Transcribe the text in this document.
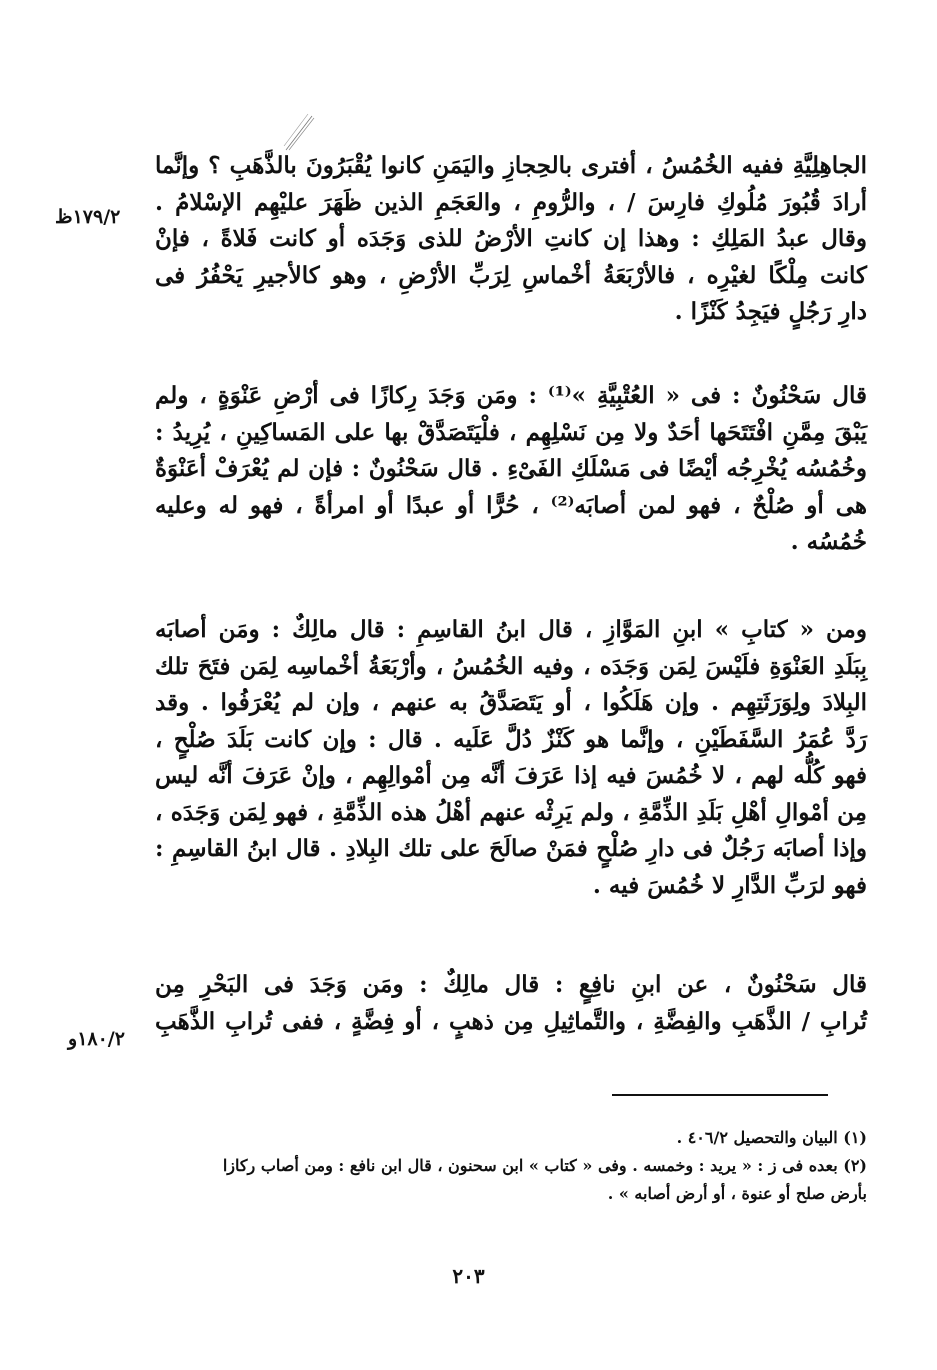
الجاهِلِيَّةِ ففيه الخُمُسُ ، أفترى بالحِجازِ واليَمَنِ كانوا يُقْبَرُونَ بالذَّهَبِ ؟ وإنَّما
أرادَ قُبُورَ مُلُوكِ فارِسَ / ، والرُّومِ ، والعَجَمِ الذين ظَهَرَ عليْهِم الإسْلامُ .
وقال عبدُ المَلِكِ : وهذا إن كانتِ الأرْضُ للذى وَجَدَه أو كانت فَلاةً ، فإنْ
كانت مِلْكًا لغيْرِه ، فالأرْبَعَةُ أخْماسِ لِرَبِّ الأرْضِ ، وهو كالأجيرِ يَحْفُرُ فى
دارِ رَجُلٍ فيَجِدُ كَنْزًا .
١٧٩/٢ظ
قال سَحْنُونٌ : فى « العُتْبِيَّةِ »⁽¹⁾ : ومَن وَجَدَ رِكازًا فى أرْضِ عَنْوَةٍ ، ولم
يَبْقَ مِمَّنِ افْتَتَحَها أحَدٌ ولا مِن نَسْلِهِم ، فلْيَتَصَدَّقْ بها على المَساكِينِ ، يُرِيدُ :
وخُمُسُه يُخْرِجُه أيْضًا فى مَسْلَكِ الفَىْءِ . قال سَحْنُونٌ : فإن لم يُعْرَفْ أعَنْوَةٌ
هى أو صُلْحٌ ، فهو لمن أصابَه⁽²⁾ ، حُرًّا أو عبدًا أو امرأةً ، فهو له وعليه
خُمُسُه .
ومن « كتابِ » ابنِ المَوَّازِ ، قال ابنُ القاسِمِ : قال مالِكٌ : ومَن أصابَه
بِبَلَدِ العَنْوَةِ فلَيْسَ لِمَن وَجَدَه ، وفيه الخُمُسُ ، وأرْبَعَةُ أخْماسِه لِمَن فتَحَ تلك
البِلادَ ولِوَرَثَتِهِم . وإن هَلَكُوا ، أو يَتَصَدَّقُ به عنهم ، وإن لم يُعْرَفُوا . وقد
رَدَّ عُمَرُ السَّفَطَيْنِ ، وإنَّما هو كَنْزٌ دُلَّ عَلَيه . قال : وإن كانت بَلَدَ صُلْحٍ ،
فهو كُلُّه لهم ، لا خُمُسَ فيه إذا عَرَفَ أنَّه مِن أمْوالِهِم ، وإنْ عَرَفَ أنَّه ليس
مِن أمْوالِ أهْلِ بَلَدِ الذِّمَّةِ ، ولم يَرِثْه عنهم أهْلُ هذه الذِّمَّةِ ، فهو لِمَن وَجَدَه ،
وإذا أصابَه رَجُلٌ فى دارِ صُلْحٍ فمَنْ صالَحَ على تلك البِلادِ . قال ابنُ القاسِمِ :
فهو لرَبِّ الدَّارِ لا خُمُسَ فيه .
قال سَحْنُونٌ ، عن ابنِ نافِعٍ : قال مالِكٌ : ومَن وَجَدَ فى البَحْرِ مِن
تُرابِ / الذَّهَبِ والفِضَّةِ ، والتَّماثِيلِ مِن ذهبٍ ، أو فِضَّةٍ ، ففى تُرابِ الذَّهَبِ
١٨٠/٢و
(١) البيان والتحصيل ٤٠٦/٢ .
(٢) بعده فى ز : « يريد : وخمسه . وفى « كتاب » ابن سحنون ، قال ابن نافع : ومن أصاب ركازا
بأرض صلح أو عنوة ، أو أرض أصابه » .
٢٠٣
